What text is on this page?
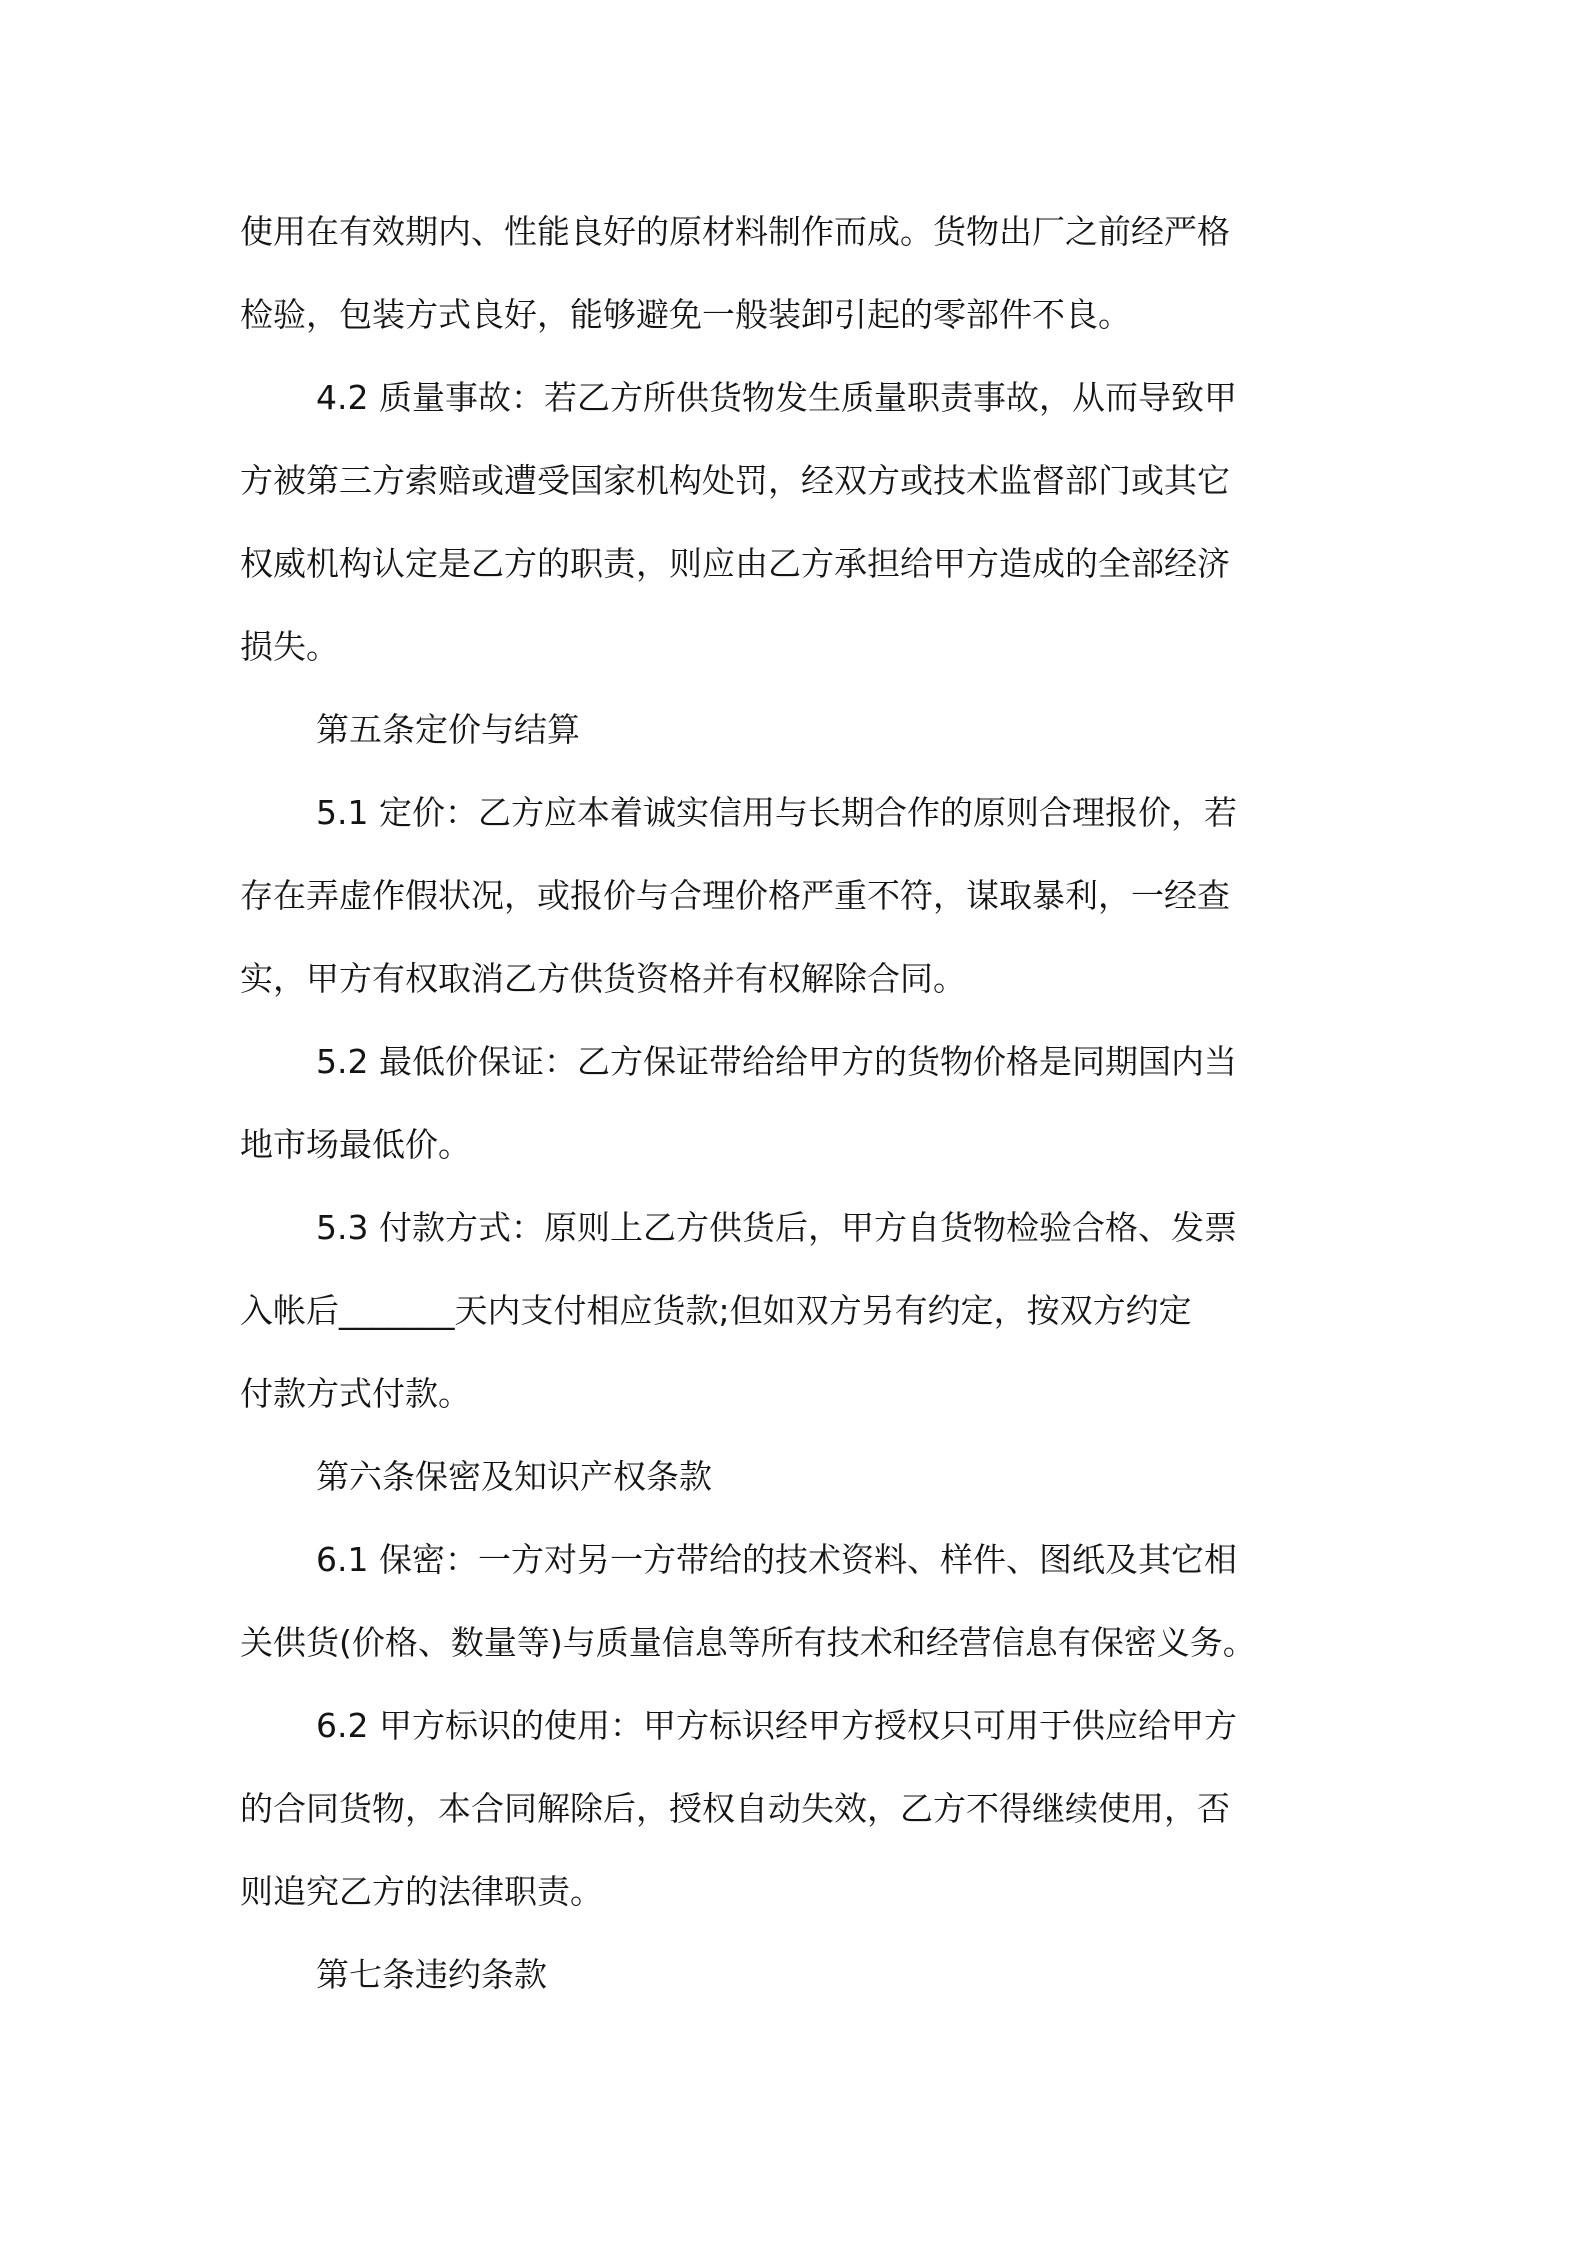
使用在有效期内、性能良好的原材料制作而成。货物出厂之前经严格

检验，包装方式良好，能够避免一般装卸引起的零部件不良。

4.2 质量事故：若乙方所供货物发生质量职责事故，从而导致甲

方被第三方索赔或遭受国家机构处罚，经双方或技术监督部门或其它

权威机构认定是乙方的职责，则应由乙方承担给甲方造成的全部经济

损失。

第五条定价与结算

5.1 定价：乙方应本着诚实信用与长期合作的原则合理报价，若

存在弄虚作假状况，或报价与合理价格严重不符，谋取暴利，一经查

实，甲方有权取消乙方供货资格并有权解除合同。

5.2 最低价保证：乙方保证带给给甲方的货物价格是同期国内当

地市场最低价。

5.3 付款方式：原则上乙方供货后，甲方自货物检验合格、发票

入帐后_______天内支付相应货款;但如双方另有约定，按双方约定

付款方式付款。

第六条保密及知识产权条款

6.1 保密：一方对另一方带给的技术资料、样件、图纸及其它相

关供货(价格、数量等)与质量信息等所有技术和经营信息有保密义务。

6.2 甲方标识的使用：甲方标识经甲方授权只可用于供应给甲方

的合同货物，本合同解除后，授权自动失效，乙方不得继续使用，否

则追究乙方的法律职责。

第七条违约条款
